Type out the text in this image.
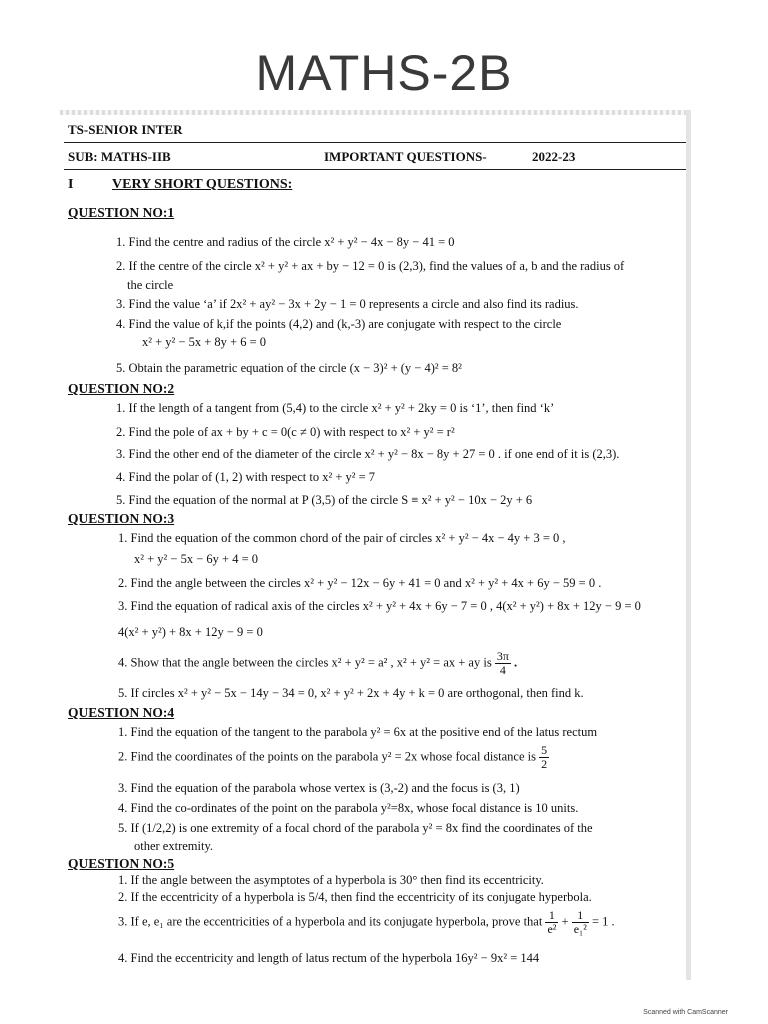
MATHS-2B
TS-SENIOR INTER
SUB: MATHS-IIB	IMPORTANT QUESTIONS-	2022-23
I	VERY SHORT QUESTIONS:
QUESTION NO:1
1. Find the centre and radius of the circle x² + y² − 4x − 8y − 41 = 0
2. If the centre of the circle x² + y² + ax + by − 12 = 0 is (2,3), find the values of a, b and the radius of
the circle
3. Find the value ‘a’ if 2x² + ay² − 3x + 2y − 1 = 0 represents a circle and also find its radius.
4. Find the value of k,if the points (4,2) and (k,-3) are conjugate with respect to the circle
x² + y² − 5x + 8y + 6 = 0
5. Obtain the parametric equation of the circle (x − 3)² + (y − 4)² = 8²
QUESTION NO:2
1. If the length of a tangent from (5,4) to the circle x² + y² + 2ky = 0 is ‘1’, then find ‘k’
2. Find the pole of ax + by + c = 0(c ≠ 0) with respect to x² + y² = r²
3. Find the other end of the diameter of the circle x² + y² − 8x − 8y + 27 = 0 . if one end of it is (2,3).
4. Find the polar of (1, 2) with respect to x² + y² = 7
5. Find the equation of the normal at P (3,5) of the circle S ≡ x² + y² − 10x − 2y + 6
QUESTION NO:3
1. Find the equation of the common chord of the pair of circles x² + y² − 4x − 4y + 3 = 0 ,
x² + y² − 5x − 6y + 4 = 0
2. Find the angle between the circles x² + y² − 12x − 6y + 41 = 0 and x² + y² + 4x + 6y − 59 = 0 .
3. Find the equation of radical axis of the circles x² + y² + 4x + 6y − 7 = 0 , 4(x² + y²) + 8x + 12y − 9 = 0
4(x² + y²) + 8x + 12y − 9 = 0
4. Show that the angle between the circles x² + y² = a² , x² + y² = ax + ay is $\frac{3\pi}{4}$ .
5. If circles x² + y² − 5x − 14y − 34 = 0, x² + y² + 2x + 4y + k = 0 are orthogonal, then find k.
QUESTION NO:4
1. Find the equation of the tangent to the parabola y² = 6x at the positive end of the latus rectum
2. Find the coordinates of the points on the parabola y² = 2x whose focal distance is $\frac{5}{2}$
3. Find the equation of the parabola whose vertex is (3,-2) and the focus is (3, 1)
4. Find the co-ordinates of the point on the parabola y²=8x, whose focal distance is 10 units.
5. If (1/2,2) is one extremity of a focal chord of the parabola y² = 8x find the coordinates of the
other extremity.
QUESTION NO:5
1. If the angle between the asymptotes of a hyperbola is 30° then find its eccentricity.
2. If the eccentricity of a hyperbola is 5/4, then find the eccentricity of its conjugate hyperbola.
3. If e, e₁ are the eccentricities of a hyperbola and its conjugate hyperbola, prove that $\frac{1}{\text{e²}} + \frac{1}{\text{e₁²}} = 1$ .
4. Find the eccentricity and length of latus rectum of the hyperbola 16y² − 9x² = 144
Scanned with CamScanner
